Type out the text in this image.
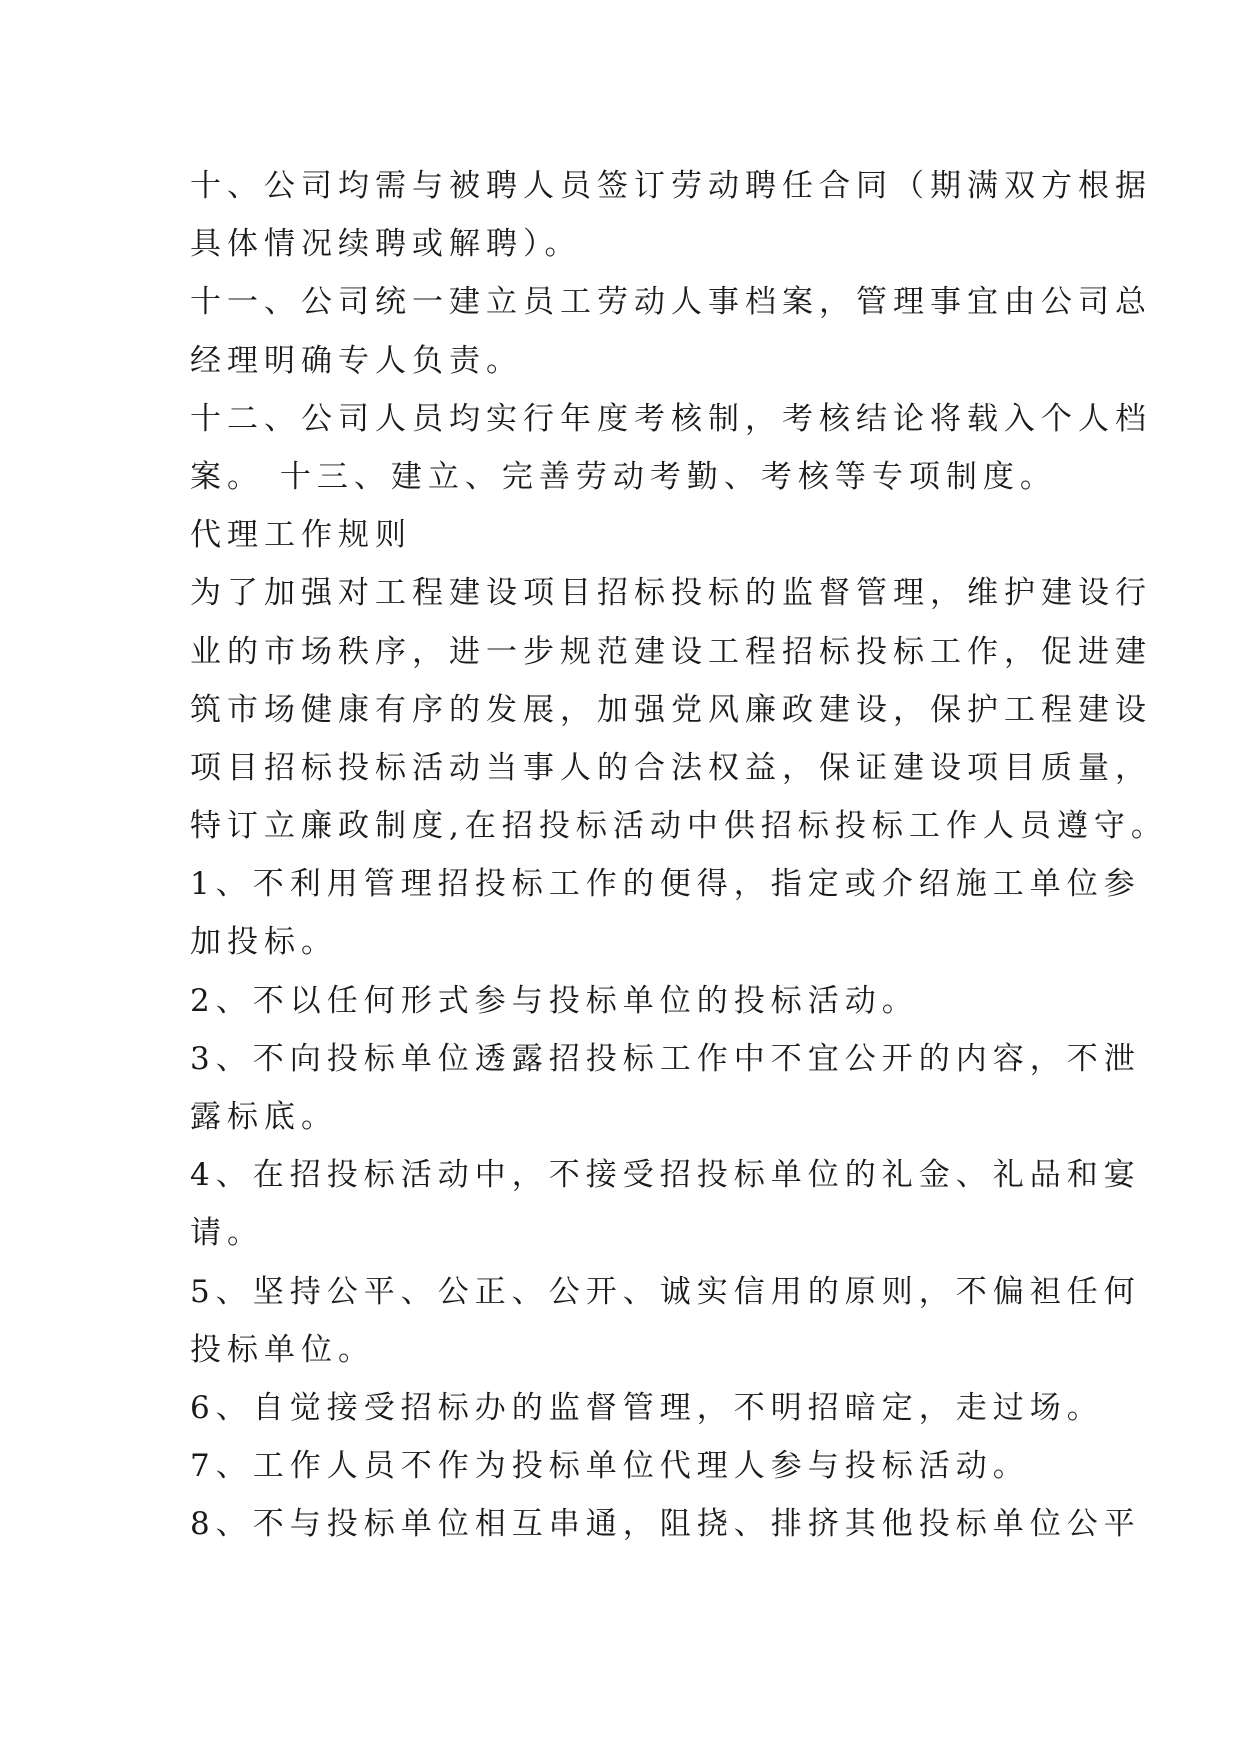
十、公司均需与被聘人员签订劳动聘任合同（期满双方根据
具体情况续聘或解聘）。
十一、公司统一建立员工劳动人事档案，管理事宜由公司总
经理明确专人负责。
十二、公司人员均实行年度考核制，考核结论将载入个人档
案。 十三、建立、完善劳动考勤、考核等专项制度。
代理工作规则
为了加强对工程建设项目招标投标的监督管理，维护建设行
业的市场秩序，进一步规范建设工程招标投标工作，促进建
筑市场健康有序的发展，加强党风廉政建设，保护工程建设
项目招标投标活动当事人的合法权益，保证建设项目质量，
特订立廉政制度,在招投标活动中供招标投标工作人员遵守。
1、不利用管理招投标工作的便得，指定或介绍施工单位参
加投标。
2、不以任何形式参与投标单位的投标活动。
3、不向投标单位透露招投标工作中不宜公开的内容，不泄
露标底。
4、在招投标活动中，不接受招投标单位的礼金、礼品和宴
请。
5、坚持公平、公正、公开、诚实信用的原则，不偏袒任何
投标单位。
6、自觉接受招标办的监督管理，不明招暗定，走过场。
7、工作人员不作为投标单位代理人参与投标活动。
8、不与投标单位相互串通，阻挠、排挤其他投标单位公平
